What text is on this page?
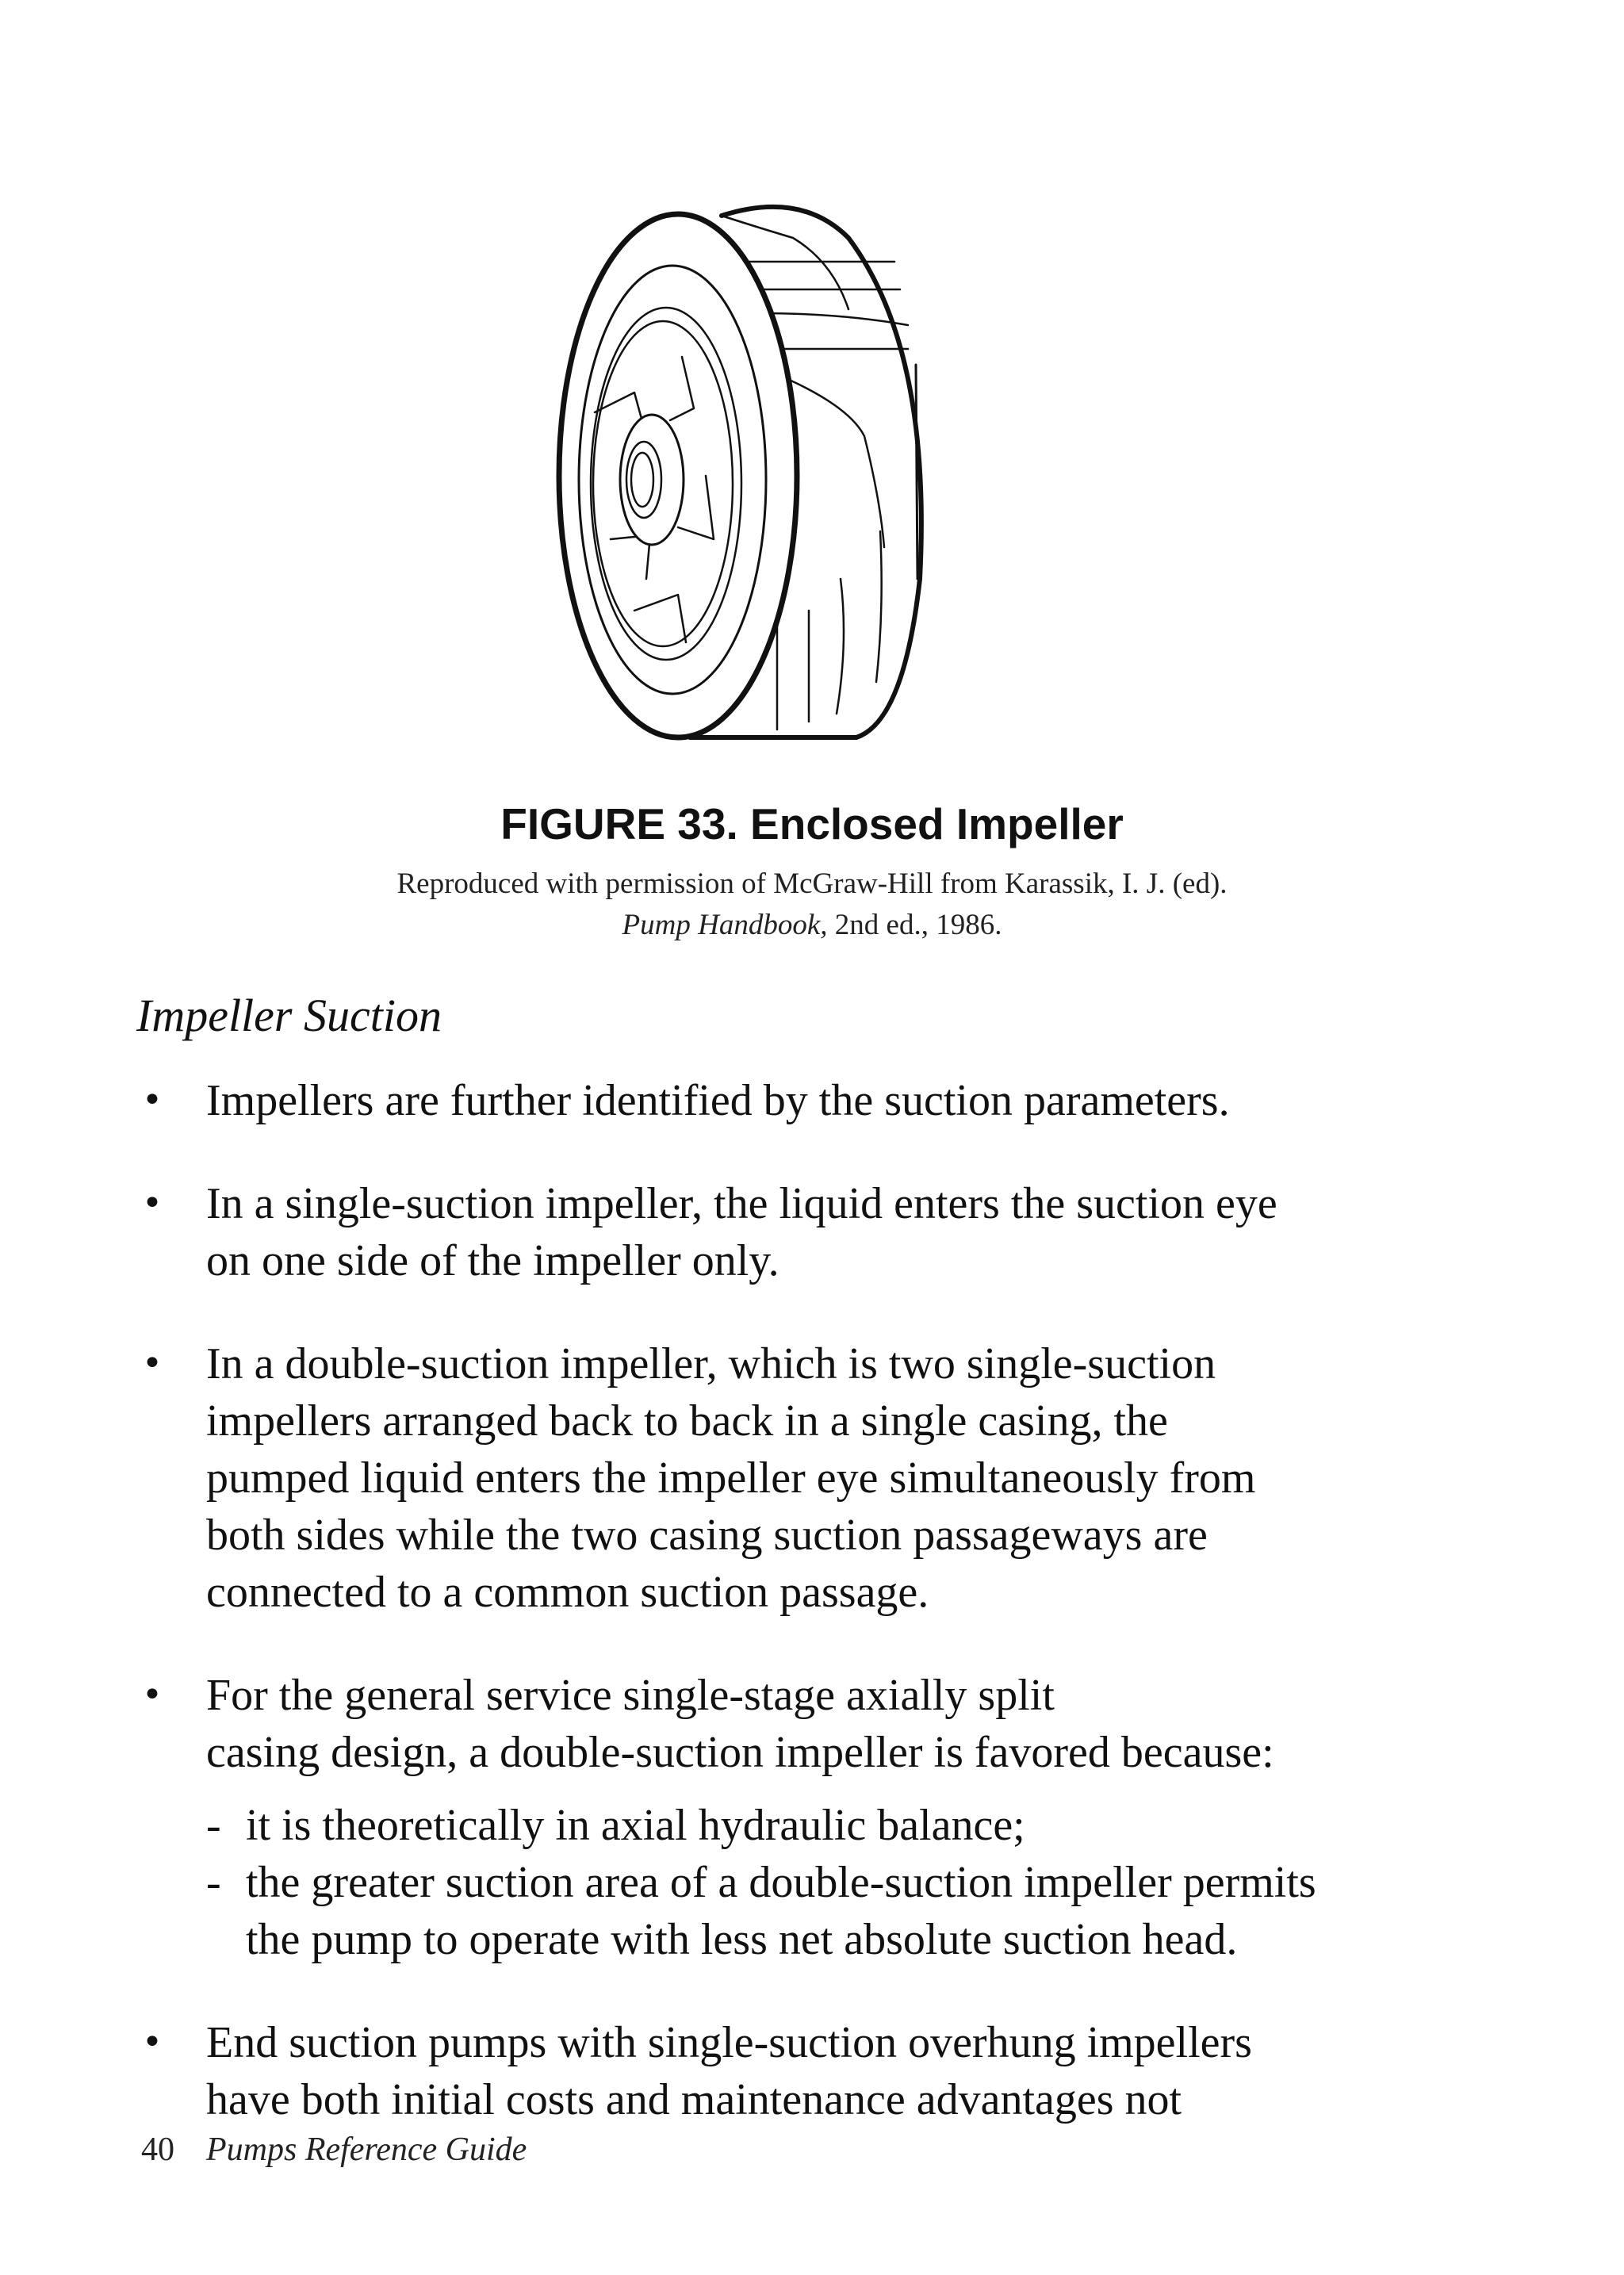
FIGURE 33. Enclosed Impeller
Reproduced with permission of McGraw-Hill from Karassik, I. J. (ed).
Pump Handbook, 2nd ed., 1986.
Impeller Suction
• Impellers are further identified by the suction parameters.
• In a single-suction impeller, the liquid enters the suction eye
on one side of the impeller only.
• In a double-suction impeller, which is two single-suction
impellers arranged back to back in a single casing, the
pumped liquid enters the impeller eye simultaneously from
both sides while the two casing suction passageways are
connected to a common suction passage.
• For the general service single-stage axially split
casing design, a double-suction impeller is favored because:
- it is theoretically in axial hydraulic balance;
- the greater suction area of a double-suction impeller permits
the pump to operate with less net absolute suction head.
• End suction pumps with single-suction overhung impellers
have both initial costs and maintenance advantages not
40 Pumps Reference Guide
